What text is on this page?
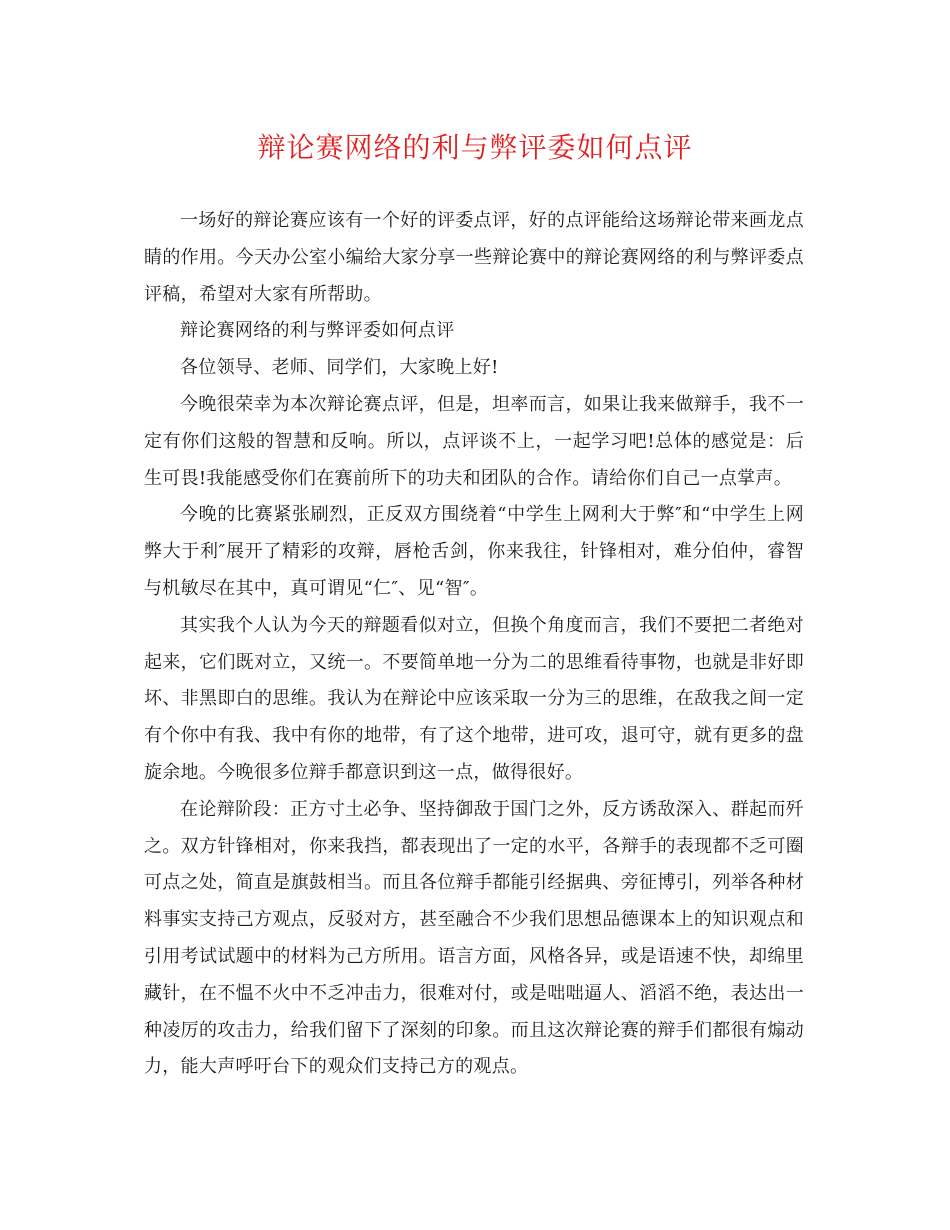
辩论赛网络的利与弊评委如何点评

一场好的辩论赛应该有一个好的评委点评，好的点评能给这场辩论带来画龙点睛的作用。今天办公室小编给大家分享一些辩论赛中的辩论赛网络的利与弊评委点评稿，希望对大家有所帮助。

辩论赛网络的利与弊评委如何点评

各位领导、老师、同学们，大家晚上好!

今晚很荣幸为本次辩论赛点评，但是，坦率而言，如果让我来做辩手，我不一定有你们这般的智慧和反响。所以，点评谈不上，一起学习吧!总体的感觉是：后生可畏!我能感受你们在赛前所下的功夫和团队的合作。请给你们自己一点掌声。

今晚的比赛紧张刷烈，正反双方围绕着“中学生上网利大于弊″和“中学生上网弊大于利″展开了精彩的攻辩，唇枪舌剑，你来我往，针锋相对，难分伯仲，睿智与机敏尽在其中，真可谓见“仁″、见“智″。

其实我个人认为今天的辩题看似对立，但换个角度而言，我们不要把二者绝对起来，它们既对立，又统一。不要简单地一分为二的思维看待事物，也就是非好即坏、非黑即白的思维。我认为在辩论中应该采取一分为三的思维，在敌我之间一定有个你中有我、我中有你的地带，有了这个地带，进可攻，退可守，就有更多的盘旋余地。今晚很多位辩手都意识到这一点，做得很好。

在论辩阶段：正方寸土必争、坚持御敌于国门之外，反方诱敌深入、群起而歼之。双方针锋相对，你来我挡，都表现出了一定的水平，各辩手的表现都不乏可圈可点之处，简直是旗鼓相当。而且各位辩手都能引经据典、旁征博引，列举各种材料事实支持己方观点，反驳对方，甚至融合不少我们思想品德课本上的知识观点和引用考试试题中的材料为己方所用。语言方面，风格各异，或是语速不快，却绵里藏针，在不愠不火中不乏冲击力，很难对付，或是咄咄逼人、滔滔不绝，表达出一种凌厉的攻击力，给我们留下了深刻的印象。而且这次辩论赛的辩手们都很有煽动力，能大声呼吁台下的观众们支持己方的观点。
